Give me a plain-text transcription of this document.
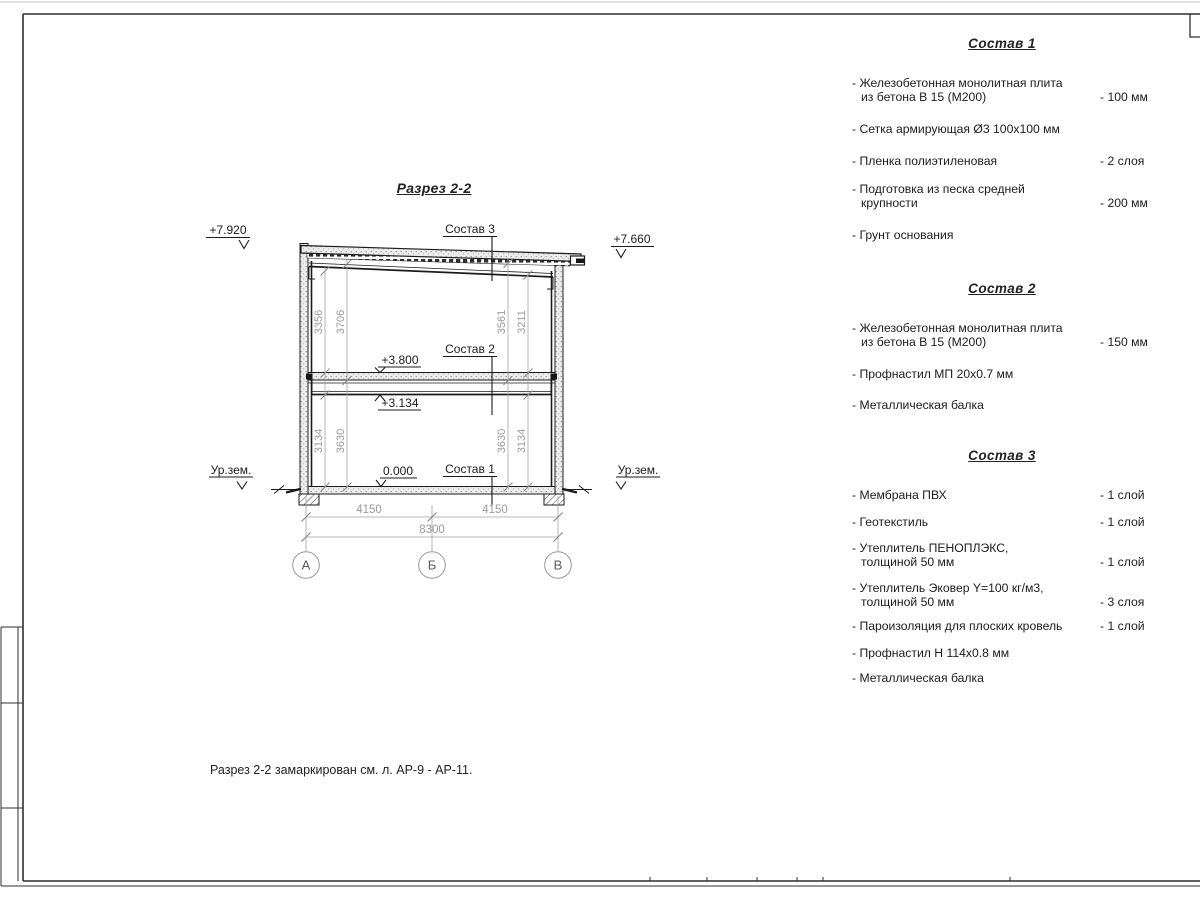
Состав 3
Состав 2
Состав 1
+7.920
+7.660
+3.800
+3.134
0.000
Ур.зем.	Ур.зем.
3356 3706	3561 3211
3134 3630	3630 3134
4150	4150
8300
А	Б	В
Разрез 2-2
Состав 1
- Железобетонная монолитная плита
из бетона В 15 (М200)	- 100 мм
- Сетка армирующая Ø3 100х100 мм
- Пленка полиэтиленовая	- 2 слоя
- Подготовка из песка средней
крупности	- 200 мм
- Грунт основания
Состав 2
- Железобетонная монолитная плита
из бетона В 15 (М200)	- 150 мм
- Профнастил МП 20х0.7 мм
- Металлическая балка
Состав 3
- Мембрана ПВХ	- 1 слой
- Геотекстиль	- 1 слой
- Утеплитель ПЕНОПЛЭКС,
толщиной 50 мм	- 1 слой
- Утеплитель Эковер Y=100 кг/м3,
толщиной 50 мм	- 3 слоя
- Пароизоляция для плоских кровель	- 1 слой
- Профнастил Н 114х0.8 мм
- Металлическая балка
Разрез 2-2 замаркирован см. л. АР-9 - АР-11.
